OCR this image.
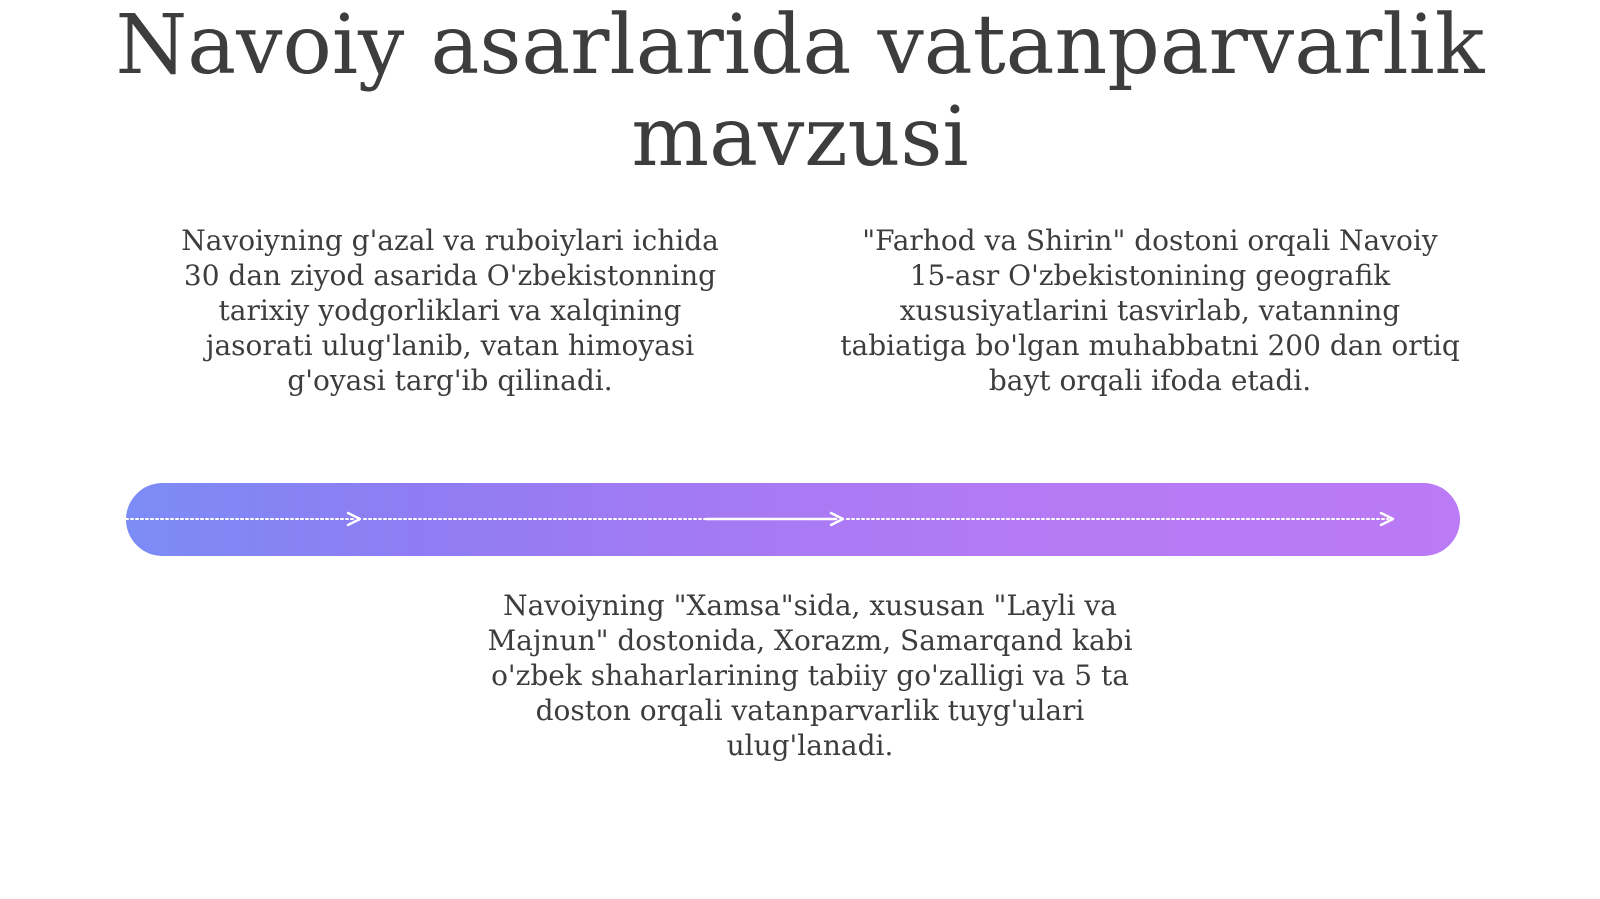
Navoiy asarlarida vatanparvarlik mavzusi

Navoiyning g'azal va ruboiylari ichida
30 dan ziyod asarida O'zbekistonning
tarixiy yodgorliklari va xalqining
jasorati ulug'lanib, vatan himoyasi
g'oyasi targ'ib qilinadi.

"Farhod va Shirin" dostoni orqali Navoiy
15-asr O'zbekistonining geografik
xususiyatlarini tasvirlab, vatanning
tabiatiga bo'lgan muhabbatni 200 dan ortiq
bayt orqali ifoda etadi.

Navoiyning "Xamsa"sida, xususan "Layli va
Majnun" dostonida, Xorazm, Samarqand kabi
o'zbek shaharlarining tabiiy go'zalligi va 5 ta
doston orqali vatanparvarlik tuyg'ulari
ulug'lanadi.
